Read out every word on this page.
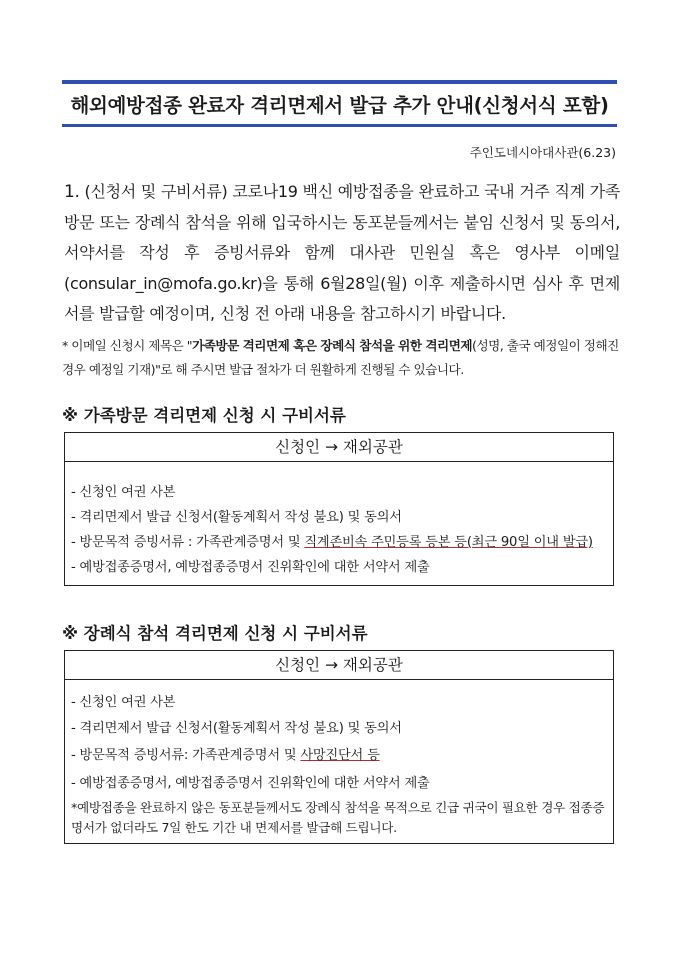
해외예방접종 완료자 격리면제서 발급 추가 안내(신청서식 포함)
주인도네시아대사관(6.23)
1. (신청서 및 구비서류) 코로나19 백신 예방접종을 완료하고 국내 거주 직계 가족 방문 또는 장례식 참석을 위해 입국하시는 동포분들께서는 붙임 신청서 및 동의서, 서약서를 작성 후 증빙서류와 함께 대사관 민원실 혹은 영사부 이메일(consular_in@mofa.go.kr)을 통해 6월28일(월) 이후 제출하시면 심사 후 면제서를 발급할 예정이며, 신청 전 아래 내용을 참고하시기 바랍니다.
* 이메일 신청시 제목은 "가족방문 격리면제 혹은 장례식 참석을 위한 격리면제(성명, 출국 예정일이 정해진 경우 예정일 기재)"로 해 주시면 발급 절차가 더 원활하게 진행될 수 있습니다.
※ 가족방문 격리면제 신청 시 구비서류
신청인 → 재외공관
- 신청인 여권 사본
- 격리면제서 발급 신청서(활동계획서 작성 불요) 및 동의서
- 방문목적 증빙서류 : 가족관계증명서 및 직계존비속 주민등록 등본 등(최근 90일 이내 발급)
- 예방접종증명서, 예방접종증명서 진위확인에 대한 서약서 제출
※ 장례식 참석 격리면제 신청 시 구비서류
신청인 → 재외공관
- 신청인 여권 사본
- 격리면제서 발급 신청서(활동계획서 작성 불요) 및 동의서
- 방문목적 증빙서류: 가족관계증명서 및 사망진단서 등
- 예방접종증명서, 예방접종증명서 진위확인에 대한 서약서 제출
*예방접종을 완료하지 않은 동포분들께서도 장례식 참석을 목적으로 긴급 귀국이 필요한 경우 접종증명서가 없더라도 7일 한도 기간 내 면제서를 발급해 드립니다.
